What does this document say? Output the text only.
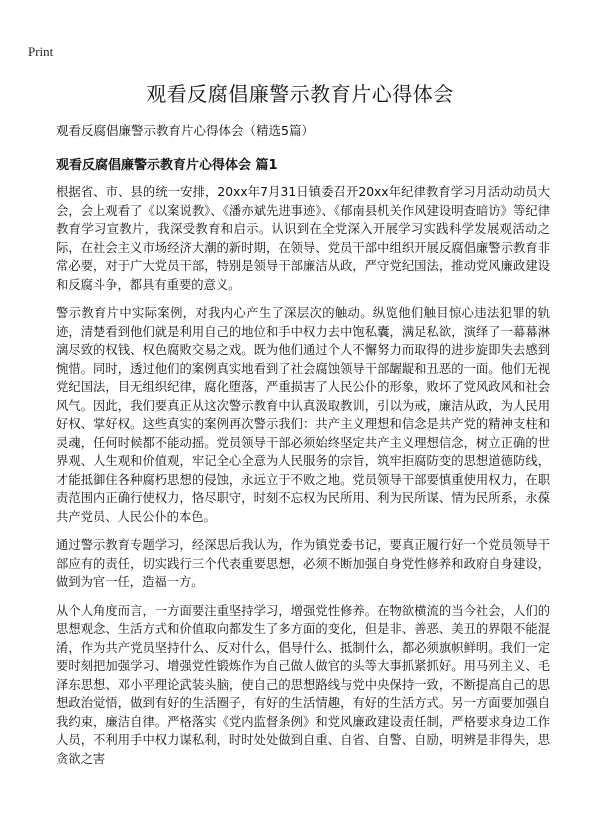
Print
观看反腐倡廉警示教育片心得体会

观看反腐倡廉警示教育片心得体会（精选5篇）

观看反腐倡廉警示教育片心得体会 篇1

根据省、市、县的统一安排，20xx年7月31日镇委召开20xx年纪律教育学习月活动动员大会，会上观看了《以案说教》、《潘亦斌先进事迹》、《郁南县机关作风建设明查暗访》等纪律教育学习宣教片，我深受教育和启示。认识到在全党深入开展学习实践科学发展观活动之际，在社会主义市场经济大潮的新时期，在领导、党员干部中组织开展反腐倡廉警示教育非常必要，对于广大党员干部，特别是领导干部廉洁从政，严守党纪国法，推动党风廉政建设和反腐斗争，都具有重要的意义。

警示教育片中实际案例，对我内心产生了深层次的触动。纵览他们触目惊心违法犯罪的轨迹，清楚看到他们就是利用自己的地位和手中权力去中饱私囊，满足私欲，演绎了一幕幕淋漓尽致的权钱、权色腐败交易之戏。既为他们通过个人不懈努力而取得的进步旋即失去感到惋惜。同时，透过他们的案例真实地看到了社会腐蚀领导干部龌龊和丑恶的一面。他们无视党纪国法，目无组织纪律，腐化堕落，严重损害了人民公仆的形象，败坏了党风政风和社会风气。因此，我们要真正从这次警示教育中认真汲取教训，引以为戒，廉洁从政，为人民用好权、掌好权。这些真实的案例再次警示我们：共产主义理想和信念是共产党的精神支柱和灵魂，任何时候都不能动摇。党员领导干部必须始终坚定共产主义理想信念，树立正确的世界观、人生观和价值观，牢记全心全意为人民服务的宗旨，筑牢拒腐防变的思想道德防线，才能抵御住各种腐朽思想的侵蚀，永远立于不败之地。党员领导干部要慎重使用权力，在职责范围内正确行使权力，恪尽职守，时刻不忘权为民所用、利为民所谋、情为民所系，永葆共产党员、人民公仆的本色。

通过警示教育专题学习，经深思后我认为，作为镇党委书记，要真正履行好一个党员领导干部应有的责任，切实践行三个代表重要思想，必须不断加强自身党性修养和政府自身建设，做到为官一任，造福一方。

从个人角度而言，一方面要注重坚持学习，增强党性修养。在物欲横流的当今社会，人们的思想观念、生活方式和价值取向都发生了多方面的变化，但是非、善恶、美丑的界限不能混淆，作为共产党员坚持什么、反对什么，倡导什么、抵制什么，都必须旗帜鲜明。我们一定要时刻把加强学习、增强党性锻炼作为自己做人做官的头等大事抓紧抓好。用马列主义、毛泽东思想、邓小平理论武装头脑，使自己的思想路线与党中央保持一致，不断提高自己的思想政治觉悟，做到有好的生活圈子，有好的生活情趣，有好的生活方式。另一方面要加强自我约束，廉洁自律。严格落实《党内监督条例》和党风廉政建设责任制，严格要求身边工作人员，不利用手中权力谋私利，时时处处做到自重、自省、自警、自励，明辨是非得失，思贪欲之害
